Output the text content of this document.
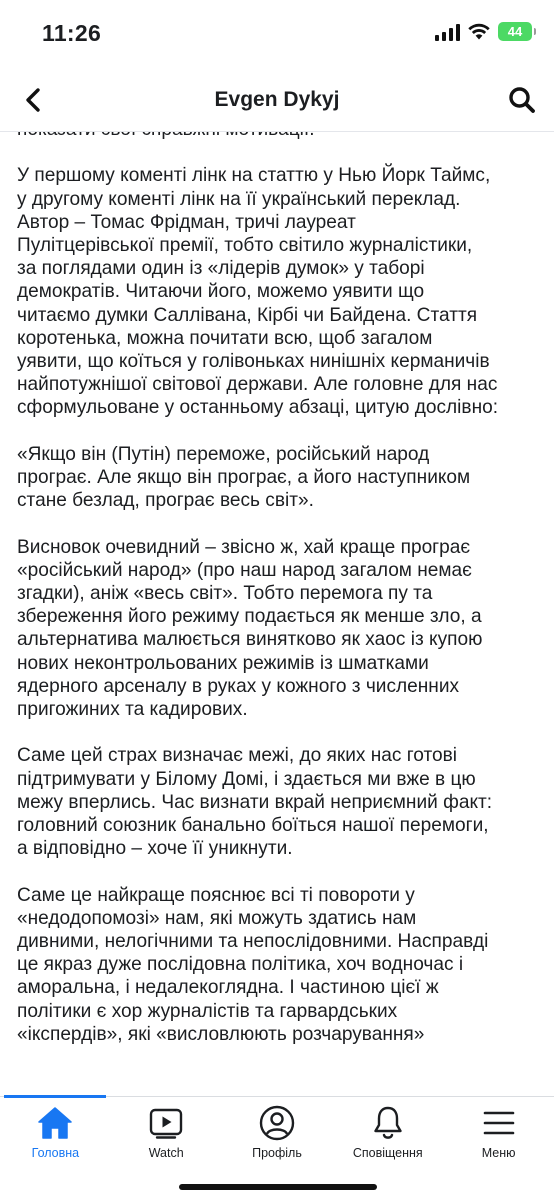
11:26	44

У першому коменті лінк на статтю у Нью Йорк Таймс,
у другому коменті лінк на її український переклад.
Автор – Томас Фрідман, тричі лауреат
Пулітцерівської премії, тобто світило журналістики,
за поглядами один із «лідерів думок» у таборі
демократів. Читаючи його, можемо уявити що
читаємо думки Саллівана, Кірбі чи Байдена. Стаття
коротенька, можна почитати всю, щоб загалом
уявити, що коїться у голівоньках нинішніх керманичів
найпотужнішої світової держави. Але головне для нас
сформульоване у останньому абзаці, цитую дослівно:

«Якщо він (Путін) переможе, російський народ
програє. Але якщо він програє, а його наступником
стане безлад, програє весь світ».

Висновок очевидний – звісно ж, хай краще програє
«російський народ» (про наш народ загалом немає
згадки), аніж «весь світ». Тобто перемога пу та
збереження його режиму подається як менше зло, а
альтернатива малюється винятково як хаос із купою
нових неконтрольованих режимів із шматками
ядерного арсеналу в руках у кожного з численних
пригожиних та кадирових.

Саме цей страх визначає межі, до яких нас готові
підтримувати у Білому Домі, і здається ми вже в цю
межу вперлись. Час визнати вкрай неприємний факт:
головний союзник банально боїться нашої перемоги,
а відповідно – хоче її уникнути.

Саме це найкраще пояснює всі ті повороти у
«недодопомозі» нам, які можуть здатись нам
дивними, нелогічними та непослідовними. Насправді
це якраз дуже послідовна політика, хоч водночас і
аморальна, і недалекоглядна. І частиною цієї ж
політики є хор журналістів та гарвардських
«ікспердів», які «висловлюють розчарування»

Evgen Dykyj
Головна	Watch	Профіль	Сповіщення	Меню
